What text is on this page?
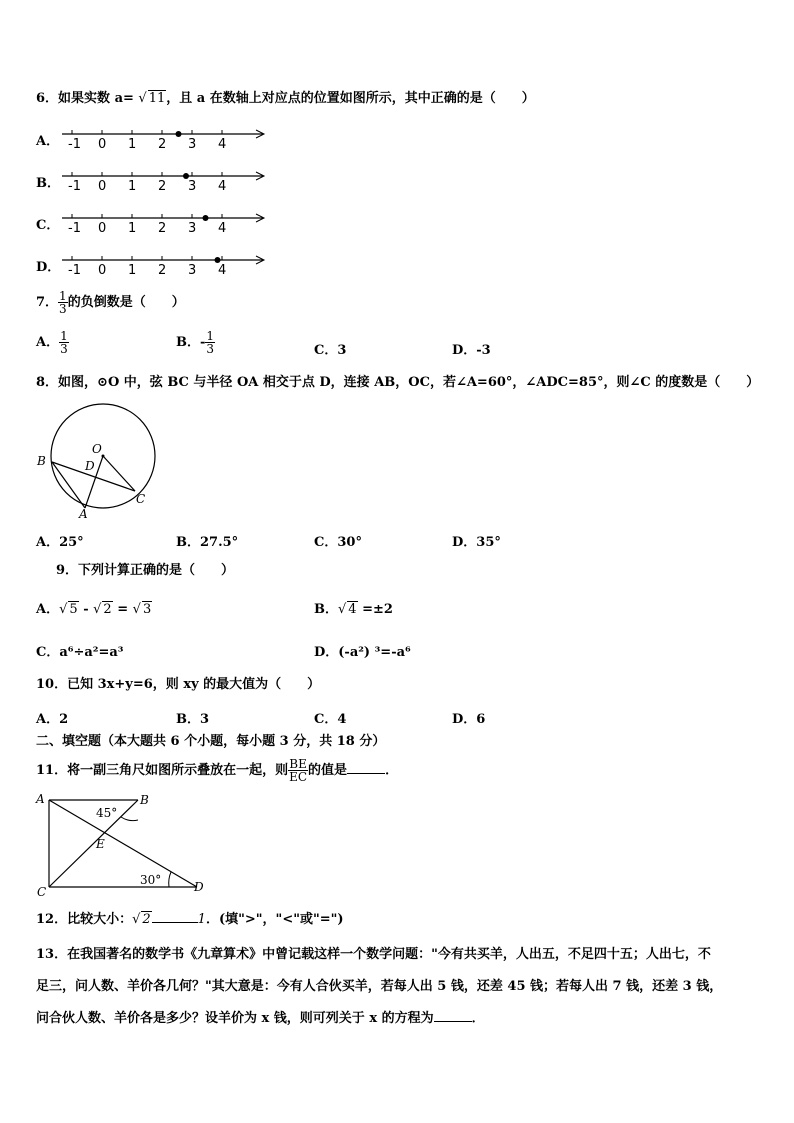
6．如果实数 a= √ 11，且 a 在数轴上对应点的位置如图所示，其中正确的是（　　）
A． -1 0 1 2 3 4
B． -1 0 1 2 3 4
C． -1 0 1 2 3 4
D． -1 0 1 2 3 4
7． $\frac{1}{3}$ 的负倒数是（　　）
A． $\frac{1}{3}$	B．- $\frac{1}{3}$	C．3	D．-3
8．如图，⊙O 中，弦 BC 与半径 OA 相交于点 D，连接 AB，OC，若∠A=60°，∠ADC=85°，则∠C 的度数是（　　）
O
D
B
A
C
A．25°	B．27.5°	C．30°	D．35°
9．下列计算正确的是（　　）
A．√ 5 - √ 2 = √ 3	B．√ 4 =±2
C．a⁶÷a²=a³	D．(-a²) ³=-a⁶
10．已知 3x+y=6，则 xy 的最大值为（　　）
A．2	B．3	C．4	D．6
二、填空题（本大题共 6 个小题，每小题 3 分，共 18 分）
11．将一副三角尺如图所示叠放在一起，则 $\frac{BE}{EC}$ 的值是	．
A	B
C	D
E
45°
30°
12．比较大小：√ 2	1．(填">"，"<"或"=")
13．在我国著名的数学书《九章算术》中曾记载这样一个数学问题："今有共买羊，人出五，不足四十五；人出七，不
足三，问人数、羊价各几何？"其大意是：今有人合伙买羊，若每人出 5 钱，还差 45 钱；若每人出 7 钱，还差 3 钱，
问合伙人数、羊价各是多少？设羊价为 x 钱，则可列关于 x 的方程为	．
